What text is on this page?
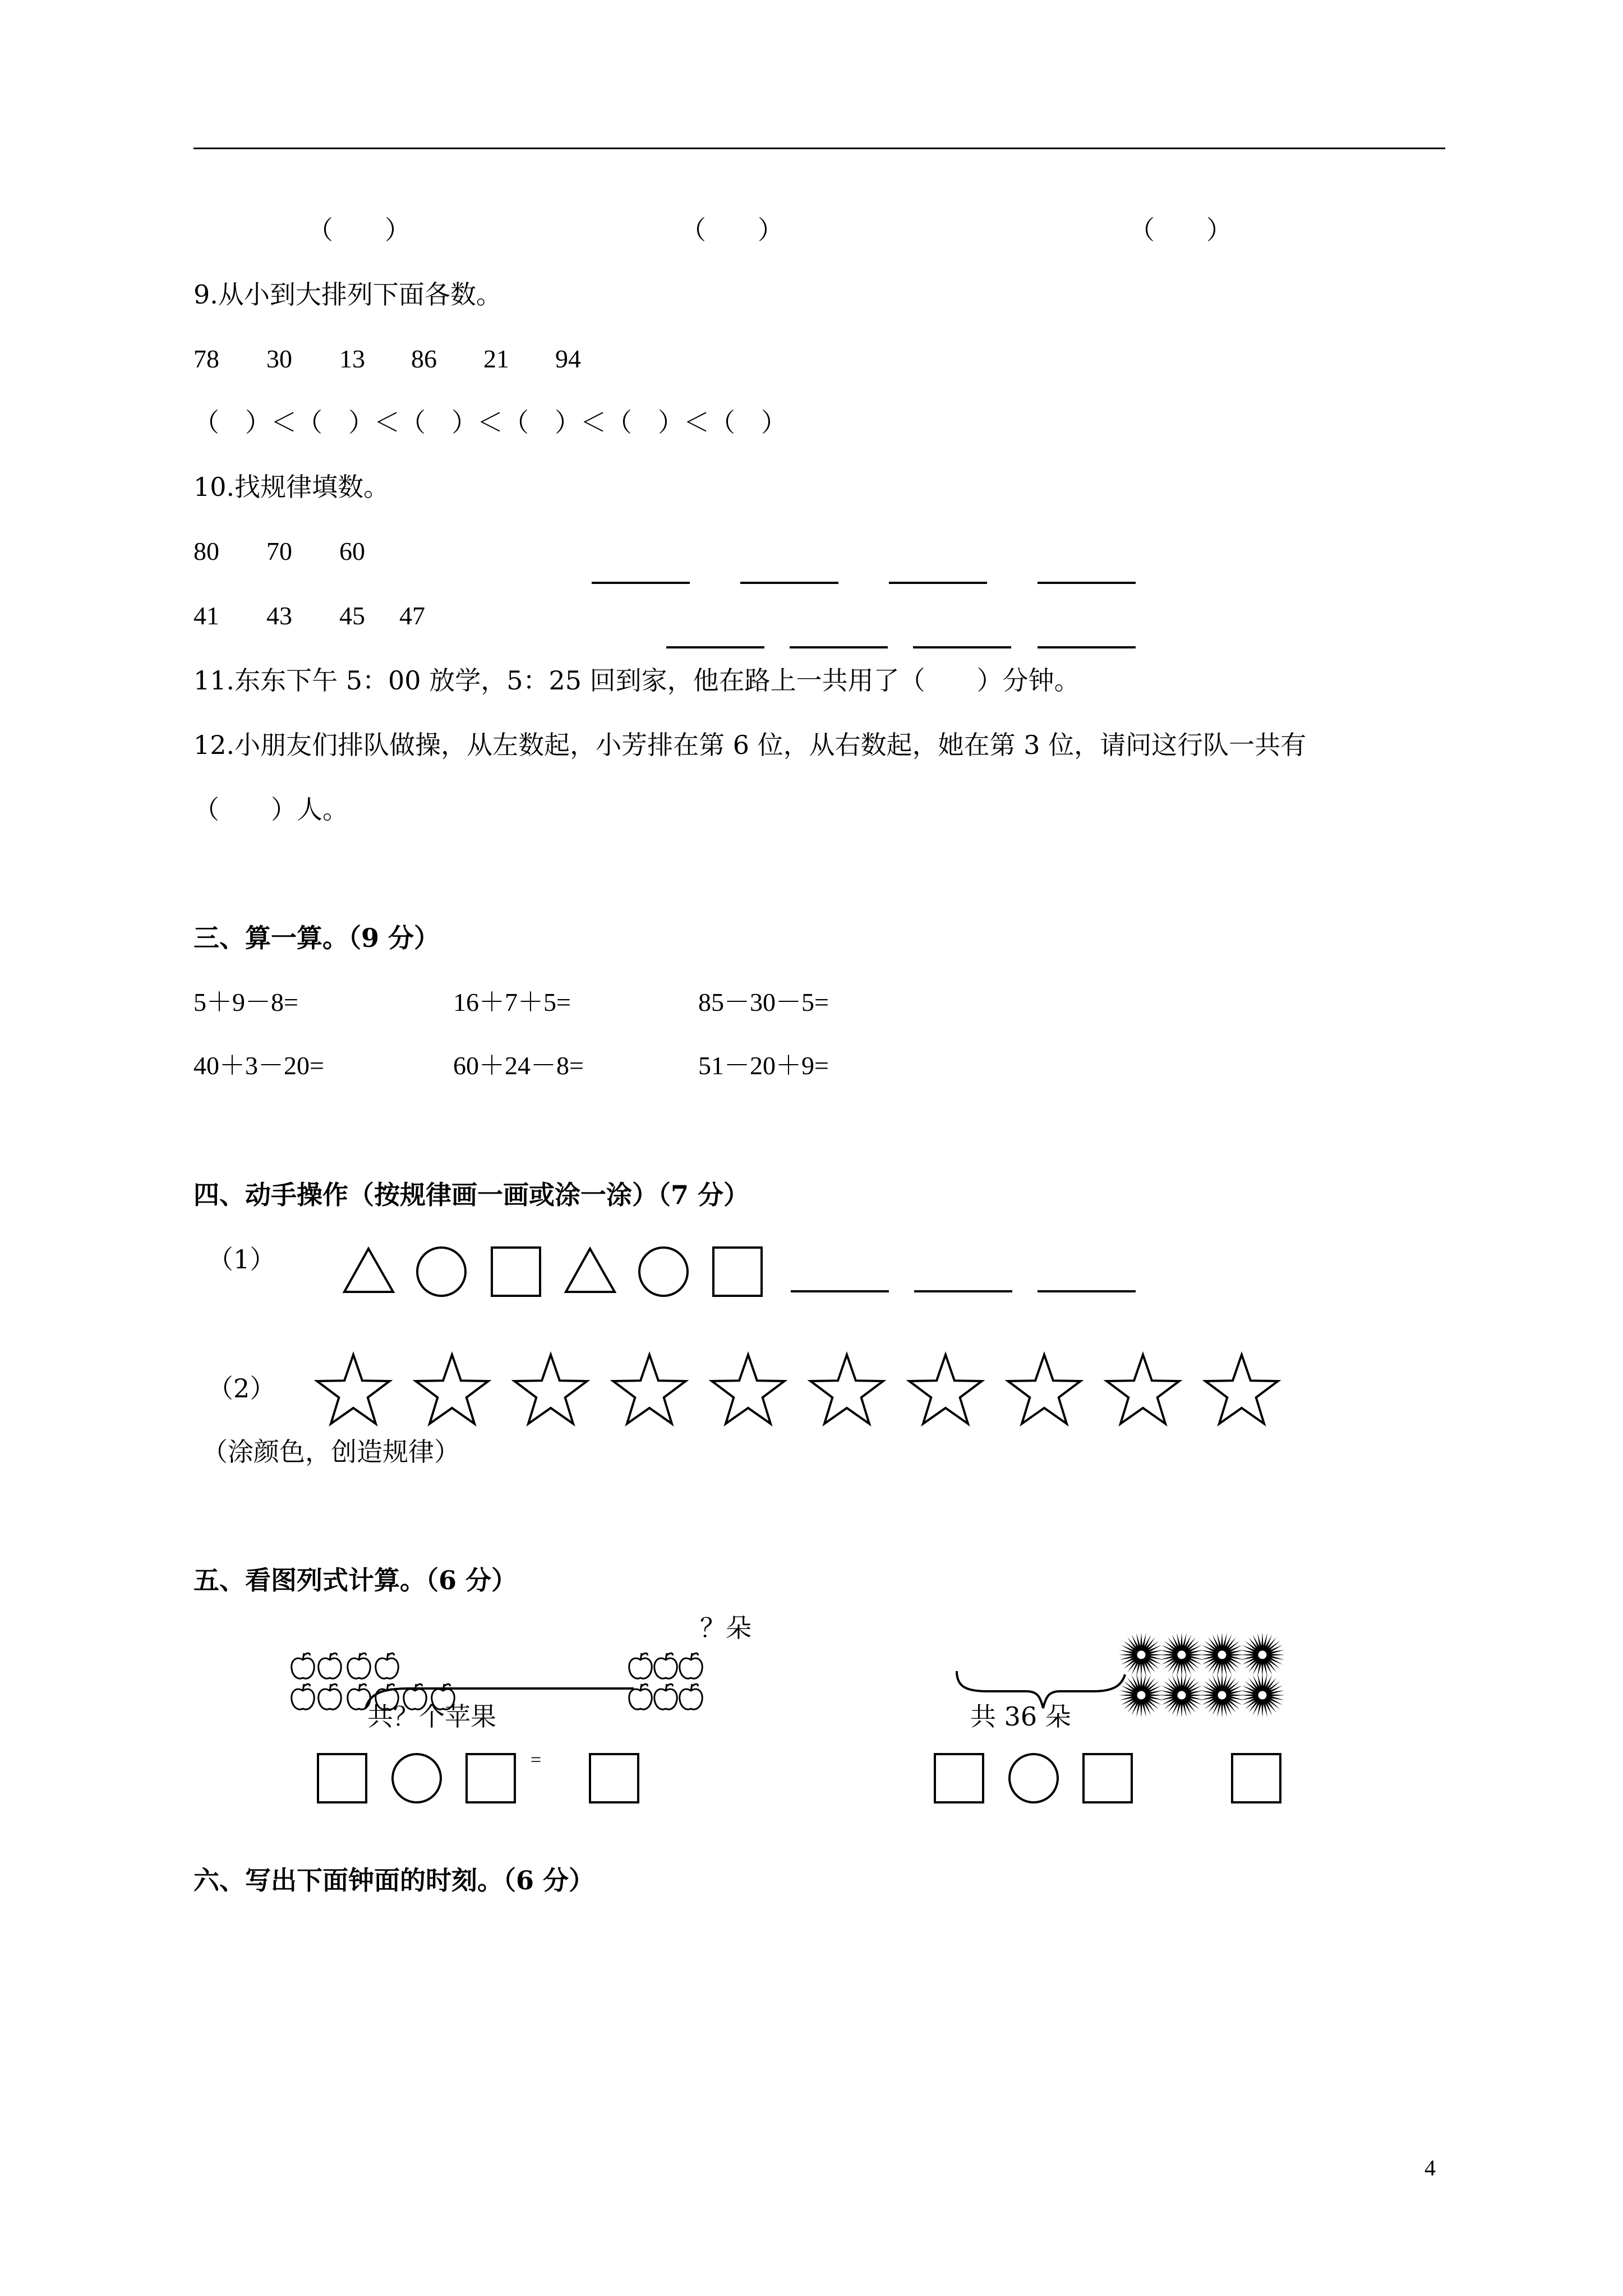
（　　）	（　　）	（　　）
9.从小到大排列下面各数。
78 30 13 86 21 94
（　）＜（　）＜（　）＜（　）＜（　）＜（　）
10.找规律填数。
80 70 60
41 43 45 47
11.东东下午 5：00 放学，5：25 回到家，他在路上一共用了（　　）分钟。
12.小朋友们排队做操，从左数起，小芳排在第 6 位，从右数起，她在第 3 位，请问这行队一共有
（　　）人。
三、算一算。（9 分）
5＋9－8=	16＋7＋5=	85－30－5=
40＋3－20=	60＋24－8=	51－20＋9=
四、动手操作（按规律画一画或涂一涂）（7 分）
（1）
（2）
（涂颜色，创造规律）
五、看图列式计算。（6 分）
？朵
共？个苹果
=
共 36 朵
六、写出下面钟面的时刻。（6 分）
4
